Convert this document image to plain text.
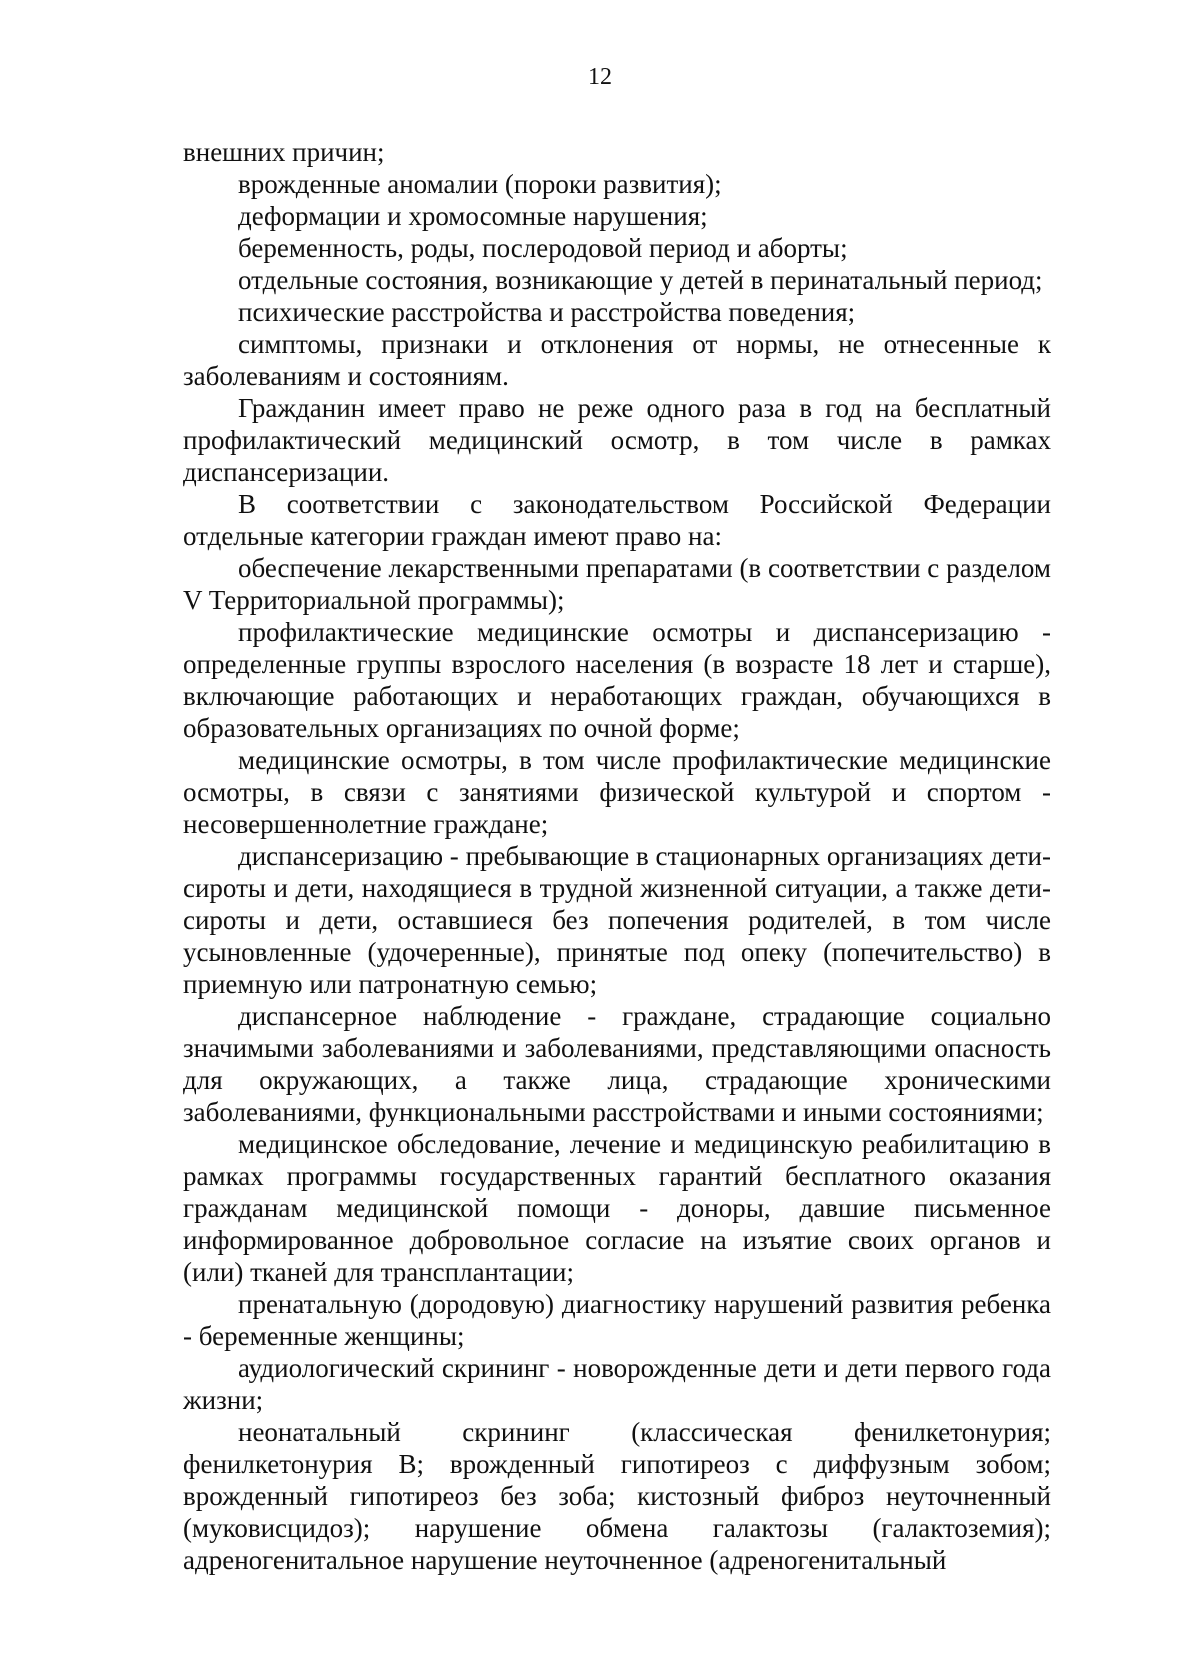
12

внешних причин;

врожденные аномалии (пороки развития);

деформации и хромосомные нарушения;

беременность, роды, послеродовой период и аборты;

отдельные состояния, возникающие у детей в перинатальный период;

психические расстройства и расстройства поведения;

симптомы, признаки и отклонения от нормы, не отнесенные к заболеваниям и состояниям.

Гражданин имеет право не реже одного раза в год на бесплатный профилактический медицинский осмотр, в том числе в рамках диспансеризации.

В соответствии с законодательством Российской Федерации отдельные категории граждан имеют право на:

обеспечение лекарственными препаратами (в соответствии с разделом V Территориальной программы);

профилактические медицинские осмотры и диспансеризацию - определенные группы взрослого населения (в возрасте 18 лет и старше), включающие работающих и неработающих граждан, обучающихся в образовательных организациях по очной форме;

медицинские осмотры, в том числе профилактические медицинские осмотры, в связи с занятиями физической культурой и спортом - несовершеннолетние граждане;

диспансеризацию - пребывающие в стационарных организациях дети-сироты и дети, находящиеся в трудной жизненной ситуации, а также дети-сироты и дети, оставшиеся без попечения родителей, в том числе усыновленные (удочеренные), принятые под опеку (попечительство) в приемную или патронатную семью;

диспансерное наблюдение - граждане, страдающие социально значимыми заболеваниями и заболеваниями, представляющими опасность для окружающих, а также лица, страдающие хроническими заболеваниями, функциональными расстройствами и иными состояниями;

медицинское обследование, лечение и медицинскую реабилитацию в рамках программы государственных гарантий бесплатного оказания гражданам медицинской помощи - доноры, давшие письменное информированное добровольное согласие на изъятие своих органов и (или) тканей для трансплантации;

пренатальную (дородовую) диагностику нарушений развития ребенка - беременные женщины;

аудиологический скрининг - новорожденные дети и дети первого года жизни;

неонатальный скрининг (классическая фенилкетонурия; фенилкетонурия B; врожденный гипотиреоз с диффузным зобом; врожденный гипотиреоз без зоба; кистозный фиброз неуточненный (муковисцидоз); нарушение обмена галактозы (галактоземия); адреногенитальное нарушение неуточненное (адреногенитальный
